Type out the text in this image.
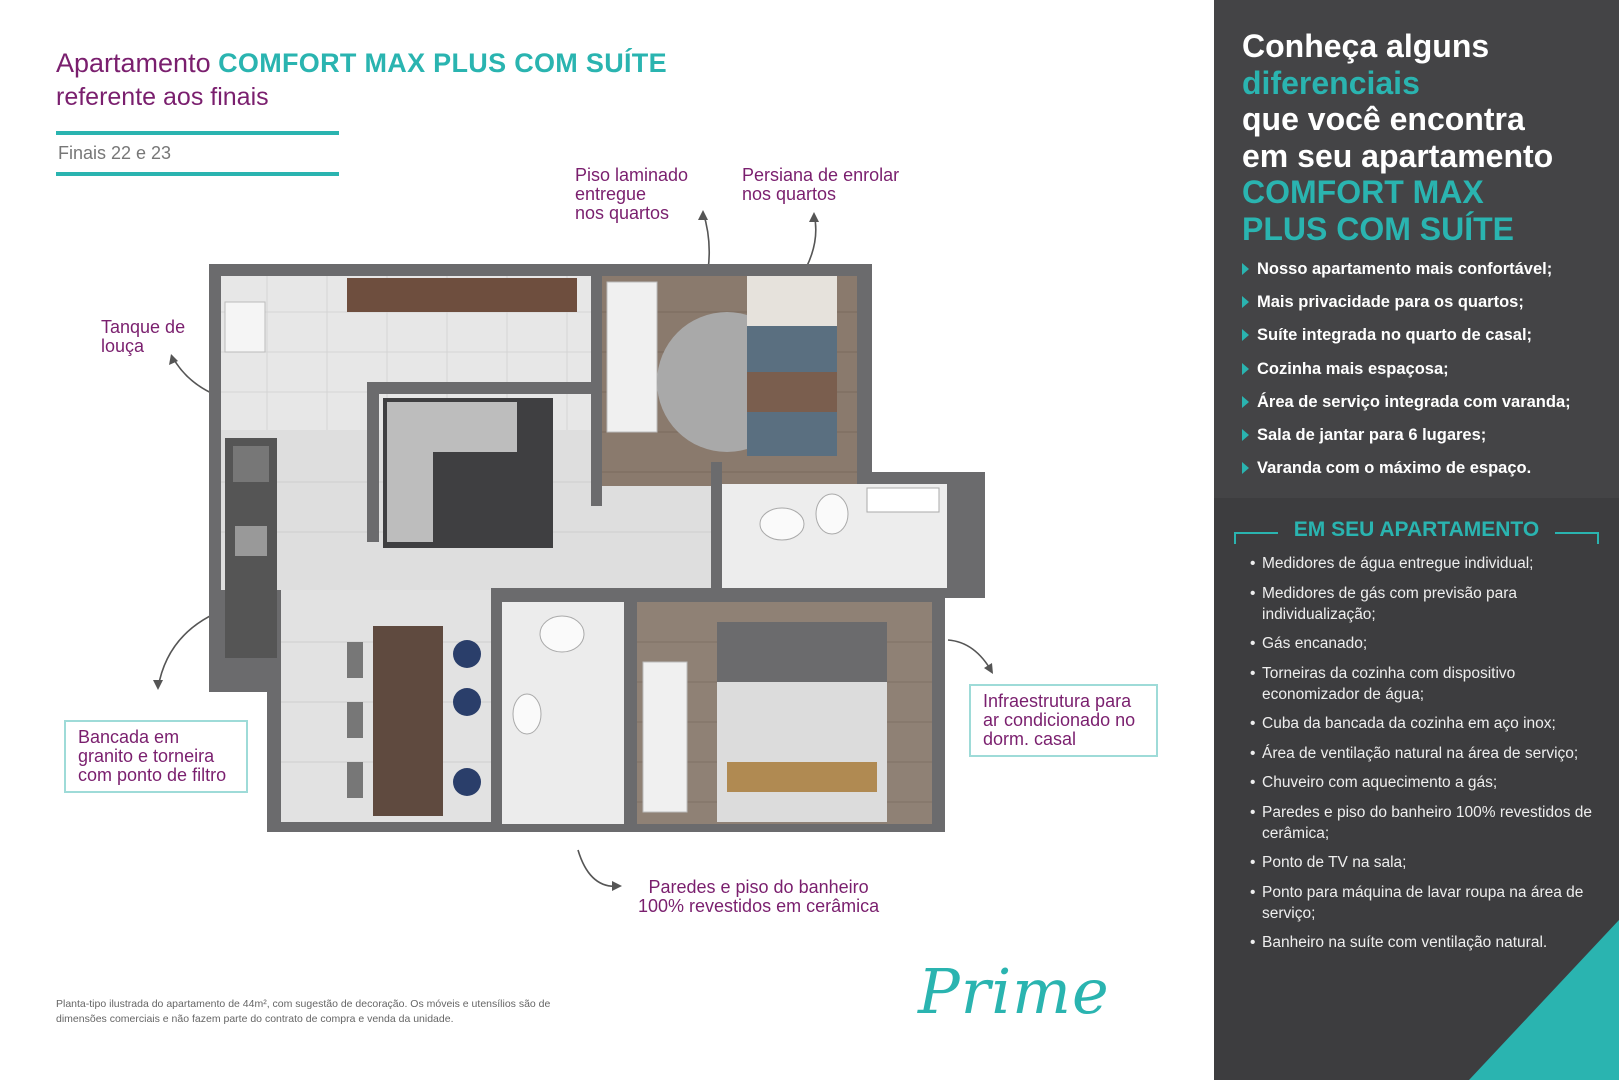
Apartamento COMFORT MAX PLUS COM SUÍTE
referente aos finais
Finais 22 e 23
Piso laminado
entregue
nos quartos
Persiana de enrolar
nos quartos
Tanque de
louça
Bancada em
granito e torneira
com ponto de filtro
Infraestrutura para
ar condicionado no
dorm. casal
Paredes e piso do banheiro
100% revestidos em cerâmica
Planta-tipo ilustrada do apartamento de 44m², com sugestão de decoração. Os móveis e utensílios são de dimensões comerciais e não fazem parte do contrato de compra e venda da unidade.	Prime
Conheça alguns
diferenciais
que você encontra
em seu apartamento
COMFORT MAX
PLUS COM SUÍTE
Nosso apartamento mais confortável;
Mais privacidade para os quartos;
Suíte integrada no quarto de casal;
Cozinha mais espaçosa;
Área de serviço integrada com varanda;
Sala de jantar para 6 lugares;
Varanda com o máximo de espaço.
EM SEU APARTAMENTO
• Medidores de água entregue individual;
• Medidores de gás com previsão para individualização;
• Gás encanado;
• Torneiras da cozinha com dispositivo economizador de água;
• Cuba da bancada da cozinha em aço inox;
• Área de ventilação natural na área de serviço;
• Chuveiro com aquecimento a gás;
• Paredes e piso do banheiro 100% revestidos de cerâmica;
• Ponto de TV na sala;
• Ponto para máquina de lavar roupa na área de serviço;
• Banheiro na suíte com ventilação natural.
